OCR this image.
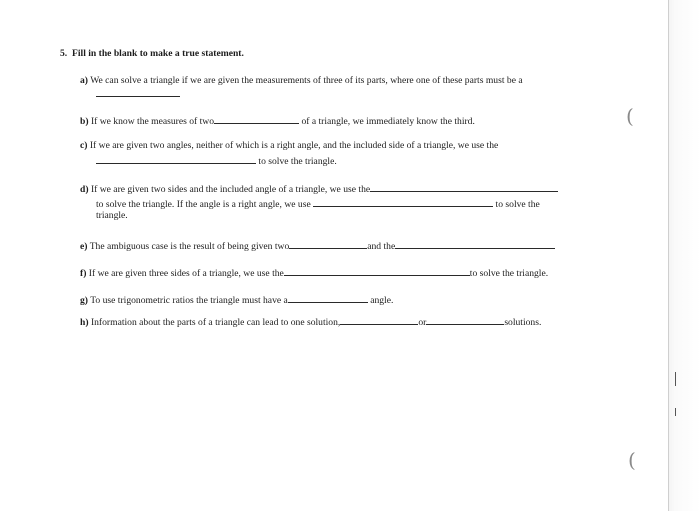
5. Fill in the blank to make a true statement.
a) We can solve a triangle if we are given the measurements of three of its parts, where one of these parts must be a
b) If we know the measures of two	of a triangle, we immediately know the third.
c) If we are given two angles, neither of which is a right angle, and the included side of a triangle, we use the
to solve the triangle.
d) If we are given two sides and the included angle of a triangle, we use the
to solve the triangle. If the angle is a right angle, we use	to solve the
triangle.
e) The ambiguous case is the result of being given two	and the
f) If we are given three sides of a triangle, we use the	to solve the triangle.
g) To use trigonometric ratios the triangle must have a	angle.
h) Information about the parts of a triangle can lead to one solution,	or	solutions.
(
(
